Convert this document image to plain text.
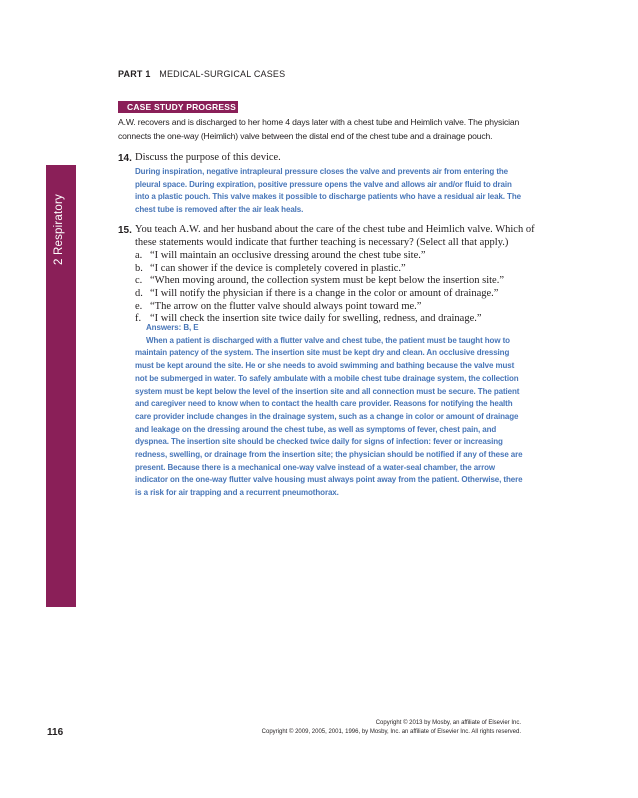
2 Respiratory
PART 1 MEDICAL-SURGICAL CASES
CASE STUDY PROGRESS
A.W. recovers and is discharged to her home 4 days later with a chest tube and Heimlich valve. The physician connects the one-way (Heimlich) valve between the distal end of the chest tube and a drainage pouch.
14. Discuss the purpose of this device.
During inspiration, negative intrapleural pressure closes the valve and prevents air from entering the pleural space. During expiration, positive pressure opens the valve and allows air and/or fluid to drain into a plastic pouch. This valve makes it possible to discharge patients who have a residual air leak. The chest tube is removed after the air leak heals.
15. You teach A.W. and her husband about the care of the chest tube and Heimlich valve. Which of these statements would indicate that further teaching is necessary? (Select all that apply.)
a. “I will maintain an occlusive dressing around the chest tube site.”
b. “I can shower if the device is completely covered in plastic.”
c. “When moving around, the collection system must be kept below the insertion site.”
d. “I will notify the physician if there is a change in the color or amount of drainage.”
e. “The arrow on the flutter valve should always point toward me.”
f. “I will check the insertion site twice daily for swelling, redness, and drainage.”
Answers: B, E
When a patient is discharged with a flutter valve and chest tube, the patient must be taught how to maintain patency of the system. The insertion site must be kept dry and clean. An occlusive dressing must be kept around the site. He or she needs to avoid swimming and bathing because the valve must not be submerged in water. To safely ambulate with a mobile chest tube drainage system, the collection system must be kept below the level of the insertion site and all connection must be secure. The patient and caregiver need to know when to contact the health care provider. Reasons for notifying the health care provider include changes in the drainage system, such as a change in color or amount of drainage and leakage on the dressing around the chest tube, as well as symptoms of fever, chest pain, and dyspnea. The insertion site should be checked twice daily for signs of infection: fever or increasing redness, swelling, or drainage from the insertion site; the physician should be notified if any of these are present. Because there is a mechanical one-way valve instead of a water-seal chamber, the arrow indicator on the one-way flutter valve housing must always point away from the patient. Otherwise, there is a risk for air trapping and a recurrent pneumothorax.
116
Copyright © 2013 by Mosby, an affiliate of Elsevier Inc.
Copyright © 2009, 2005, 2001, 1996, by Mosby, Inc. an affiliate of Elsevier Inc. All rights reserved.
